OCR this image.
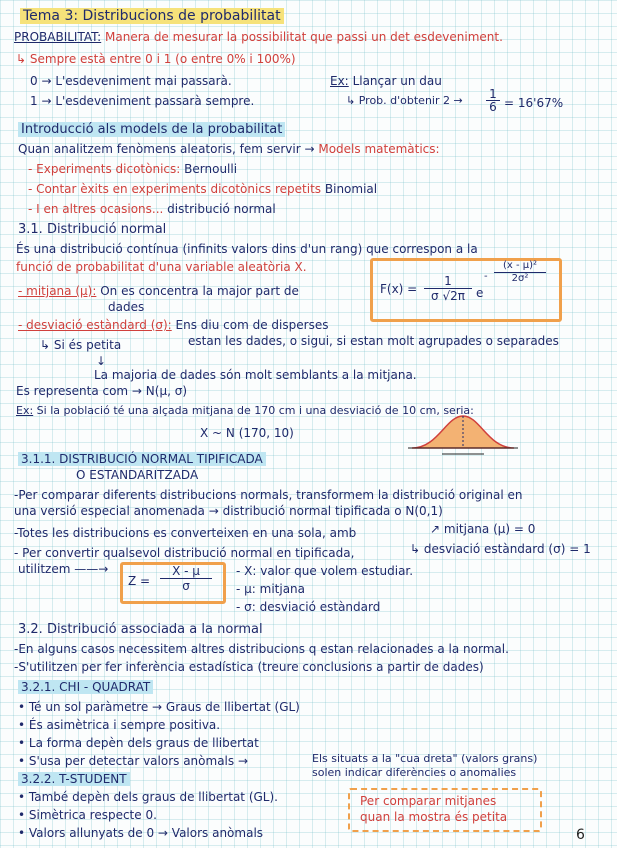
Tema 3: Distribucions de probabilitat
PROBABILITAT: Manera de mesurar la possibilitat que passi un det esdeveniment.
↳ Sempre està entre 0 i 1 (o entre 0% i 100%)
0 → L'esdeveniment mai passarà.
1 → L'esdeveniment passarà sempre.
Ex: Llançar un dau
↳ Prob. d'obtenir $2 \to \frac{1}{6} = 16'67\%$
Introducció als models de la probabilitat
Quan analitzem fenòmens aleatoris, fem servir → Models matemàtics:
- Experiments dicotònics: Bernoulli
- Contar èxits en experiments dicotònics repetits Binomial
- I en altres ocasions... distribució normal
3.1. Distribució normal
És una distribució contínua (infinits valors dins d'un rang) que correspon a la
funció de probabilitat d'una variable aleatòria X.
- mitjana (µ): On es concentra la major part de
dades
$F(x) = \frac{1}{\sigma √2\pi}$ e
-
(x - µ)²
2σ²
- desviació estàndard (σ): Ens diu com de disperses
estan les dades, o sigui, si estan molt agrupades o separades
↳ Si és petita
↓
La majoria de dades són molt semblants a la mitjana.
Es representa com → N(µ, σ)
Ex: Si la població té una alçada mitjana de 170 cm i una desviació de 10 cm, seria:
X ~ N (170, 10)
3.1.1. DISTRIBUCIÓ NORMAL TIPIFICADA
O ESTANDARITZADA
-Per comparar diferents distribucions normals, transformem la distribució original en
una versió especial anomenada → distribució normal tipificada o N(0,1)
-Totes les distribucions es converteixen en una sola, amb	↗ mitjana (µ) = 0
↳ desviació estàndard (σ) = 1
- Per convertir qualsevol distribució normal en tipificada,
utilitzem ——→
Z =
X - µ
σ
- X: valor que volem estudiar.
- µ: mitjana
- σ: desviació estàndard
3.2. Distribució associada a la normal
-En alguns casos necessitem altres distribucions q estan relacionades a la normal.
-S'utilitzen per fer inferència estadística (treure conclusions a partir de dades)
3.2.1. CHI - QUADRAT
• Té un sol paràmetre → Graus de llibertat (GL)
• És asimètrica i sempre positiva.
• La forma depèn dels graus de llibertat
• S'usa per detectar valors anòmals →	Els situats a la "cua dreta" (valors grans)
solen indicar diferències o anomalies
3.2.2. T-STUDENT
• També depèn dels graus de llibertat (GL).
• Simètrica respecte 0.
• Valors allunyats de 0 → Valors anòmals
Per comparar mitjanes
quan la mostra és petita
6
